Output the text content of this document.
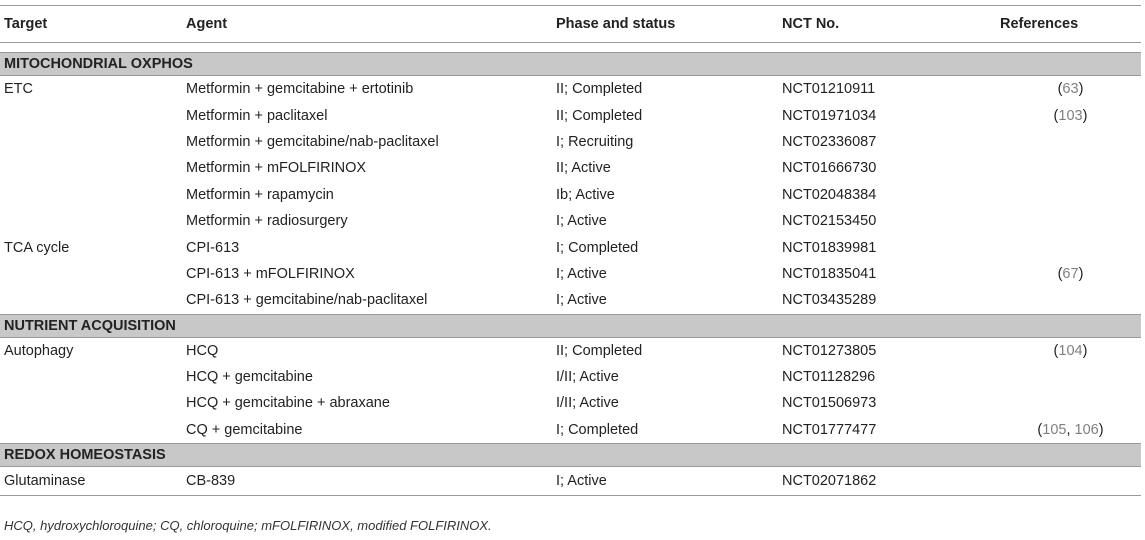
Target	Agent	Phase and status	NCT No.	References

MITOCHONDRIAL OXPHOS				
ETC	Metformin + gemcitabine + ertotinib	II; Completed	NCT01210911	(63)
	Metformin + paclitaxel	II; Completed	NCT01971034	(103)
	Metformin + gemcitabine/nab-paclitaxel	I; Recruiting	NCT02336087	
	Metformin + mFOLFIRINOX	II; Active	NCT01666730	
	Metformin + rapamycin	Ib; Active	NCT02048384	
	Metformin + radiosurgery	I; Active	NCT02153450	
TCA cycle	CPI-613	I; Completed	NCT01839981	
	CPI-613 + mFOLFIRINOX	I; Active	NCT01835041	(67)
	CPI-613 + gemcitabine/nab-paclitaxel	I; Active	NCT03435289	
NUTRIENT ACQUISITION				
Autophagy	HCQ	II; Completed	NCT01273805	(104)
	HCQ + gemcitabine	I/II; Active	NCT01128296	
	HCQ + gemcitabine + abraxane	I/II; Active	NCT01506973	
	CQ + gemcitabine	I; Completed	NCT01777477	(105, 106)
REDOX HOMEOSTASIS				
Glutaminase	CB-839	I; Active	NCT02071862	
HCQ, hydroxychloroquine; CQ, chloroquine; mFOLFIRINOX, modified FOLFIRINOX.
